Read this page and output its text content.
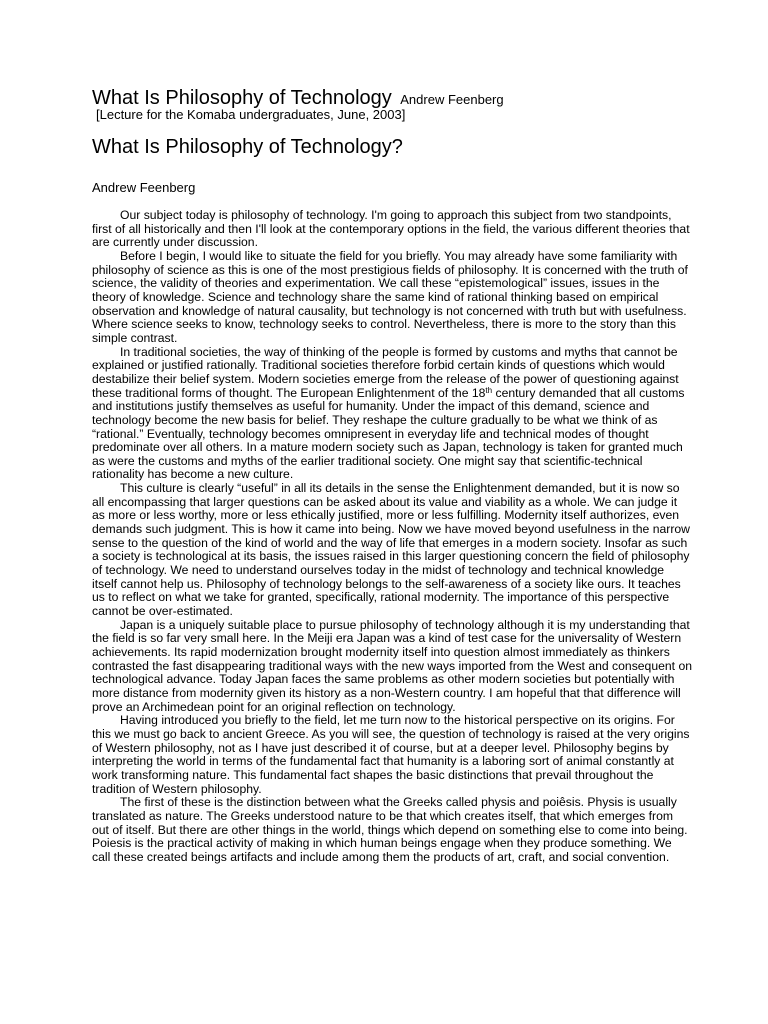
What Is Philosophy of Technology Andrew Feenberg
[Lecture for the Komaba undergraduates, June, 2003]
What Is Philosophy of Technology?
Andrew Feenberg

Our subject today is philosophy of technology. I'm going to approach this subject from two standpoints, first of all historically and then I'll look at the contemporary options in the field, the various different theories that are currently under discussion.

Before I begin, I would like to situate the field for you briefly. You may already have some familiarity with philosophy of science as this is one of the most prestigious fields of philosophy. It is concerned with the truth of science, the validity of theories and experimentation. We call these “epistemological” issues, issues in the theory of knowledge. Science and technology share the same kind of rational thinking based on empirical observation and knowledge of natural causality, but technology is not concerned with truth but with usefulness. Where science seeks to know, technology seeks to control. Nevertheless, there is more to the story than this simple contrast.

In traditional societies, the way of thinking of the people is formed by customs and myths that cannot be explained or justified rationally. Traditional societies therefore forbid certain kinds of questions which would destabilize their belief system. Modern societies emerge from the release of the power of questioning against these traditional forms of thought. The European Enlightenment of the 18th century demanded that all customs and institutions justify themselves as useful for humanity. Under the impact of this demand, science and technology become the new basis for belief. They reshape the culture gradually to be what we think of as “rational.” Eventually, technology becomes omnipresent in everyday life and technical modes of thought predominate over all others. In a mature modern society such as Japan, technology is taken for granted much as were the customs and myths of the earlier traditional society. One might say that scientific-technical rationality has become a new culture.

This culture is clearly “useful” in all its details in the sense the Enlightenment demanded, but it is now so all encompassing that larger questions can be asked about its value and viability as a whole. We can judge it as more or less worthy, more or less ethically justified, more or less fulfilling. Modernity itself authorizes, even demands such judgment. This is how it came into being. Now we have moved beyond usefulness in the narrow sense to the question of the kind of world and the way of life that emerges in a modern society. Insofar as such a society is technological at its basis, the issues raised in this larger questioning concern the field of philosophy of technology. We need to understand ourselves today in the midst of technology and technical knowledge itself cannot help us. Philosophy of technology belongs to the self-awareness of a society like ours. It teaches us to reflect on what we take for granted, specifically, rational modernity. The importance of this perspective cannot be over-estimated.

Japan is a uniquely suitable place to pursue philosophy of technology although it is my understanding that the field is so far very small here. In the Meiji era Japan was a kind of test case for the universality of Western achievements. Its rapid modernization brought modernity itself into question almost immediately as thinkers contrasted the fast disappearing traditional ways with the new ways imported from the West and consequent on technological advance. Today Japan faces the same problems as other modern societies but potentially with more distance from modernity given its history as a non-Western country. I am hopeful that that difference will prove an Archimedean point for an original reflection on technology.

Having introduced you briefly to the field, let me turn now to the historical perspective on its origins. For this we must go back to ancient Greece. As you will see, the question of technology is raised at the very origins of Western philosophy, not as I have just described it of course, but at a deeper level. Philosophy begins by interpreting the world in terms of the fundamental fact that humanity is a laboring sort of animal constantly at work transforming nature. This fundamental fact shapes the basic distinctions that prevail throughout the tradition of Western philosophy.

The first of these is the distinction between what the Greeks called physis and poiêsis. Physis is usually translated as nature. The Greeks understood nature to be that which creates itself, that which emerges from out of itself. But there are other things in the world, things which depend on something else to come into being. Poiesis is the practical activity of making in which human beings engage when they produce something. We call these created beings artifacts and include among them the products of art, craft, and social convention.
